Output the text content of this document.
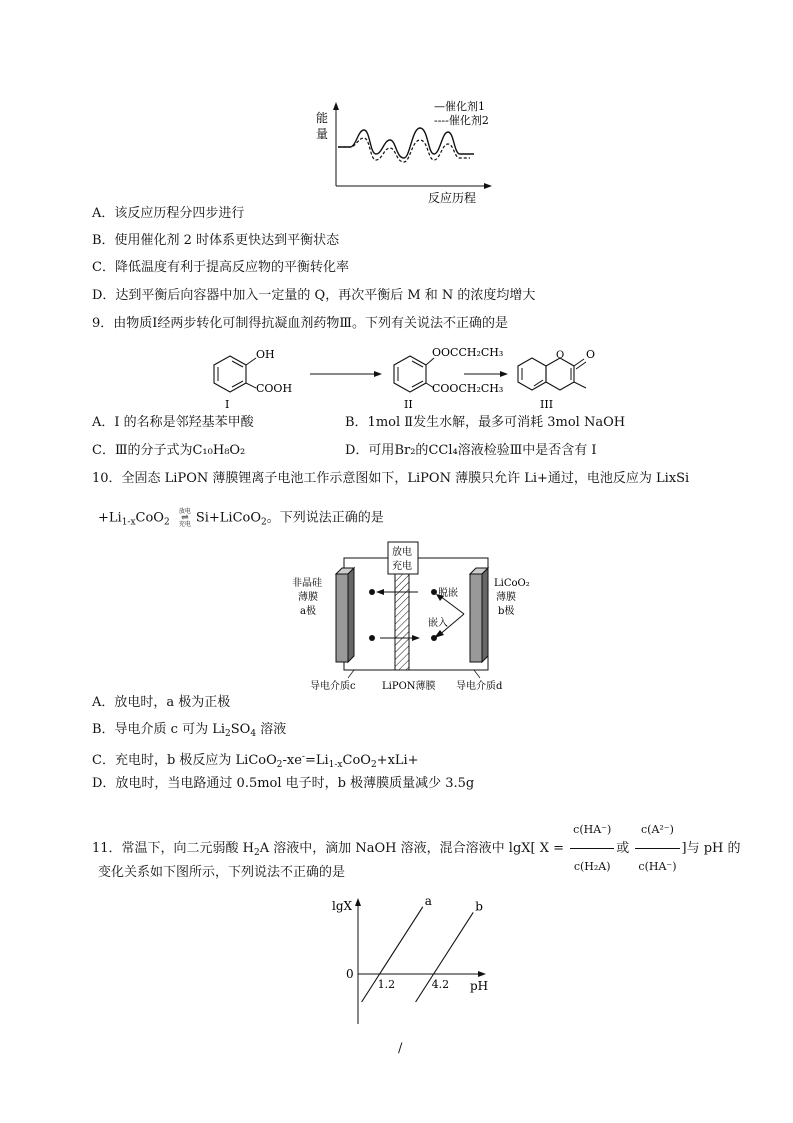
能
量
—催化剂1
----催化剂2
反应历程
A．该反应历程分四步进行
B．使用催化剂 2 时体系更快达到平衡状态
C．降低温度有利于提高反应物的平衡转化率
D．达到平衡后向容器中加入一定量的 Q，再次平衡后 M 和 N 的浓度均增大
9．由物质Ⅰ经两步转化可制得抗凝血剂药物Ⅲ。下列有关说法不正确的是
OH
COOH
OOCCH₂CH₃
COOCH₂CH₃
O O
I	II	III
A．I 的名称是邻羟基苯甲酸	B．1mol Ⅱ发生水解，最多可消耗 3mol NaOH
C．Ⅲ的分子式为C₁₀H₈O₂	D．可用Br₂的CCl₄溶液检验Ⅲ中是否含有 I
10．全固态 LiPON 薄膜锂离子电池工作示意图如下，LiPON 薄膜只允许 Li+通过，电池反应为 LixSi
$+Li_{1-x}CoO_2$
放电
⇌
充电 Si+LiCoO$_2$。下列说法正确的是
放电
充电
脱嵌
嵌入
非晶硅
薄膜
a极
LiCoO₂
薄膜
b极
导电介质c	LiPON薄膜 导电介质d
A．放电时，a 极为正极
B．导电介质 c 可为 $Li_2SO_4$ 溶液
C．充电时，b 极反应为 $LiCoO_2-xe^-=Li_{1-x}CoO_2+xLi+$
D．放电时，当电路通过 0.5mol 电子时，b 极薄膜质量减少 3.5g
11．常温下，向二元弱酸 $H_2A$ 溶液中，滴加 NaOH 溶液，混合溶液中 lgX[ $X = \frac{c(HA^-)}{\text{c(H₂A)}}$ 或 $\frac{\text{c(A²⁻)}}{c(HA^-)}$ ]与 pH 的
变化关系如下图所示，下列说法不正确的是
lgX
pH
0
a	b
1.2	4.2
/
